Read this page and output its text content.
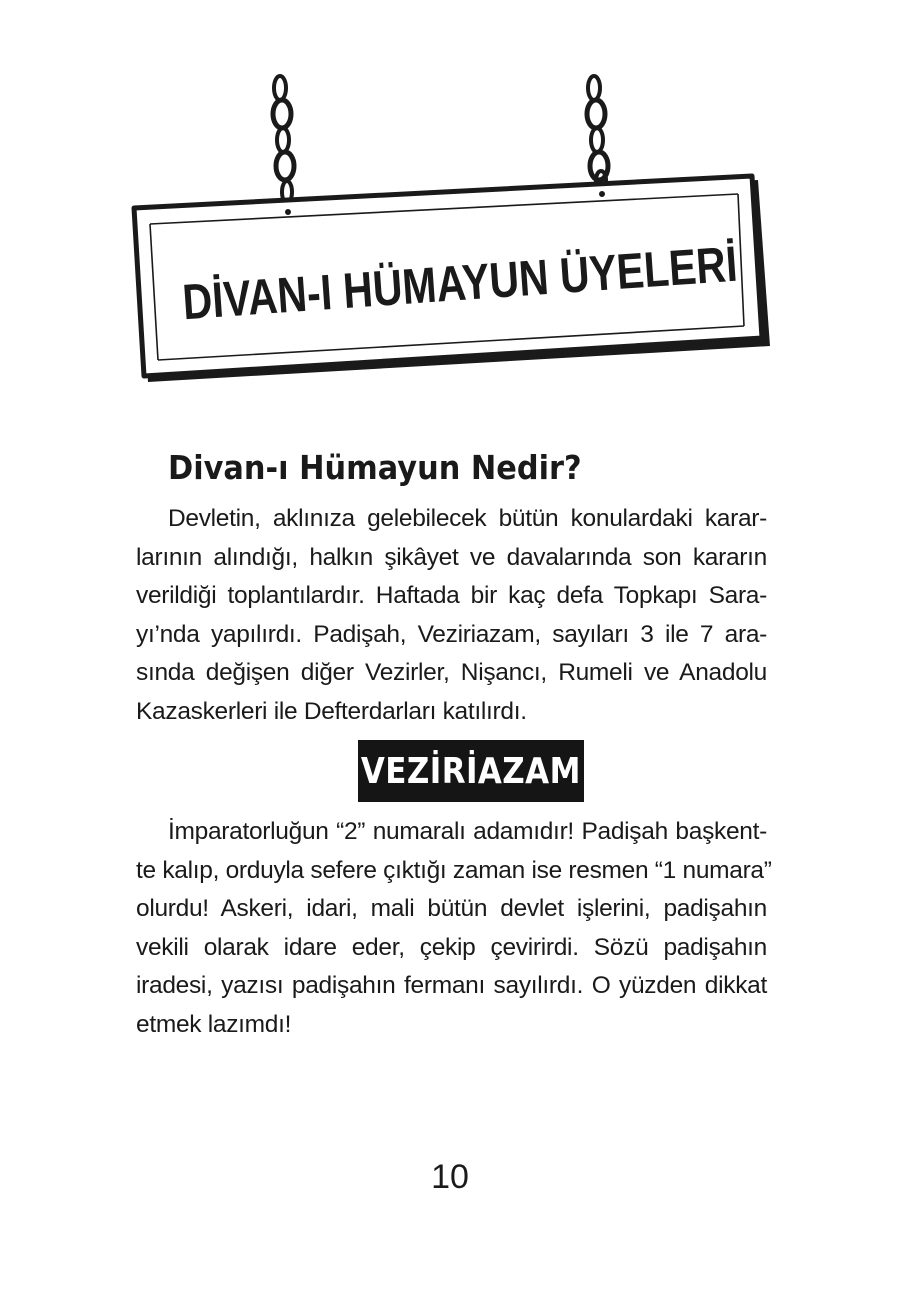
DİVAN-I HÜMAYUN ÜYELERİ
Divan-ı Hümayun Nedir?
Devletin, aklınıza gelebilecek bütün konulardaki karar-
larının alındığı, halkın şikâyet ve davalarında son kararın
verildiği toplantılardır. Haftada bir kaç defa Topkapı Sara-
yı’nda yapılırdı. Padişah, Veziriazam, sayıları 3 ile 7 ara-
sında değişen diğer Vezirler, Nişancı, Rumeli ve Anadolu
Kazaskerleri ile Defterdarları katılırdı.
VEZİRİAZAM
İmparatorluğun “2” numaralı adamıdır! Padişah başkent-
te kalıp, orduyla sefere çıktığı zaman ise resmen “1 numara”
olurdu! Askeri, idari, mali bütün devlet işlerini, padişahın
vekili olarak idare eder, çekip çevirirdi. Sözü padişahın
iradesi, yazısı padişahın fermanı sayılırdı. O yüzden dikkat
etmek lazımdı!
10
